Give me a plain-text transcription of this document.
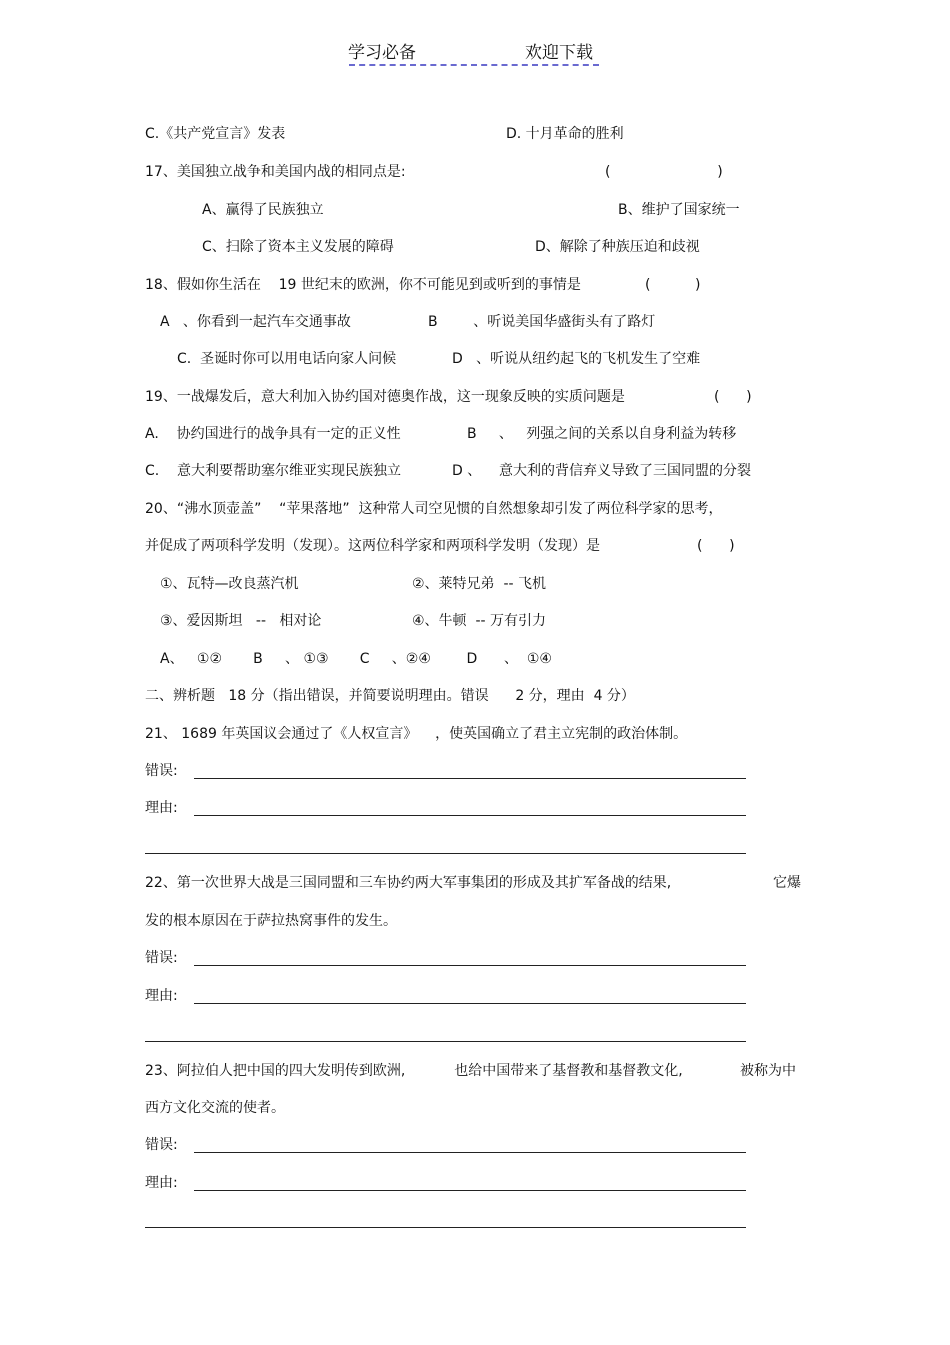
学习必备	欢迎下载
C.《共产党宣言》发表	D. 十月革命的胜利
17、美国独立战争和美国内战的相同点是:	(                        )
A、赢得了民族独立	B、维护了国家统一
C、扫除了资本主义发展的障碍	D、解除了种族压迫和歧视
18、假如你生活在    19 世纪末的欧洲，你不可能见到或听到的事情是	(          )
A   、你看到一起汽车交通事故	B        、听说美国华盛街头有了路灯
C.  圣诞时你可以用电话向家人问候	D   、听说从纽约起飞的飞机发生了空难
19、一战爆发后，意大利加入协约国对德奥作战，这一现象反映的实质问题是	(      )
A.    协约国进行的战争具有一定的正义性	B     、   列强之间的关系以自身利益为转移
C.    意大利要帮助塞尔维亚实现民族独立	D 、    意大利的背信弃义导致了三国同盟的分裂
20、“沸水顶壶盖”    “苹果落地”  这种常人司空见惯的自然想象却引发了两位科学家的思考，
并促成了两项科学发明（发现）。这两位科学家和两项科学发明（发现）是	(      )
①、瓦特—改良蒸汽机	②、莱特兄弟  -- 飞机
③、爱因斯坦   --   相对论	④、牛顿  -- 万有引力
A、   ①②       B     、 ①③       C     、②④        D      、  ①④
二、辨析题   18 分（指出错误，并简要说明理由。错误      2 分，理由  4 分）
21、 1689 年英国议会通过了《人权宣言》    ，使英国确立了君主立宪制的政治体制。
错误:
理由:
22、第一次世界大战是三国同盟和三车协约两大军事集团的形成及其扩军备战的结果,	它爆
发的根本原因在于萨拉热窝事件的发生。
错误:
理由:
23、阿拉伯人把中国的四大发明传到欧洲,           也给中国带来了基督教和基督教文化,	被称为中
西方文化交流的使者。
错误:
理由:
